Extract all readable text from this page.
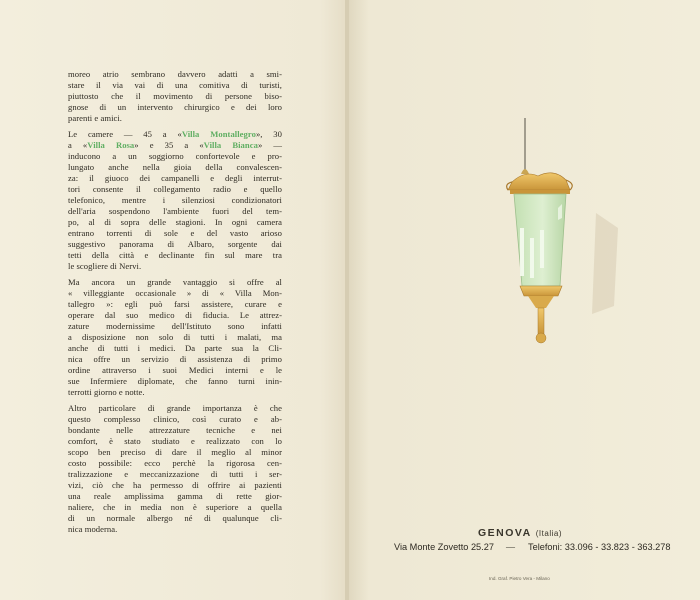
moreo atrio sembrano davvero adatti a smi-
stare il via vai di una comitiva di turisti,
piuttosto che il movimento di persone biso-
gnose di un intervento chirurgico e dei loro
parenti e amici.

Le camere — 45 a «Villa Montallegro», 30
a «Villa Rosa» e 35 a «Villa Bianca» —
inducono a un soggiorno confortevole e pro-
lungato anche nella gioia della convalescen-
za: il giuoco dei campanelli e degli interrut-
tori consente il collegamento radio e quello
telefonico, mentre i silenziosi condizionatori
dell'aria sospendono l'ambiente fuori del tem-
po, al di sopra delle stagioni. In ogni camera
entrano torrenti di sole e del vasto arioso
suggestivo panorama di Albaro, sorgente dai
tetti della città e declinante fin sul mare tra
le scogliere di Nervi.

Ma ancora un grande vantaggio si offre al
« villeggiante occasionale » di « Villa Mon-
tallegro »: egli può farsi assistere, curare e
operare dal suo medico di fiducia. Le attrez-
zature modernissime dell'Istituto sono infatti
a disposizione non solo di tutti i malati, ma
anche di tutti i medici. Da parte sua la Cli-
nica offre un servizio di assistenza di primo
ordine attraverso i suoi Medici interni e le
sue Infermiere diplomate, che fanno turni inin-
terrotti giorno e notte.

Altro particolare di grande importanza è che
questo complesso clinico, così curato e ab-
bondante nelle attrezzature tecniche e nei
comfort, è stato studiato e realizzato con lo
scopo ben preciso di dare il meglio al minor
costo possibile: ecco perchè la rigorosa cen-
tralizzazione e meccanizzazione di tutti i ser-
vizi, ciò che ha permesso di offrire ai pazienti
una reale amplissima gamma di rette gior-
naliere, che in media non è superiore a quella
di un normale albergo né di qualunque cli-
nica moderna.	GENOVA (Italia)
Via Monte Zovetto 25.27 — Telefoni: 33.096 - 33.823 - 363.278
Ind. Graf. Pietro Vera - Milano
